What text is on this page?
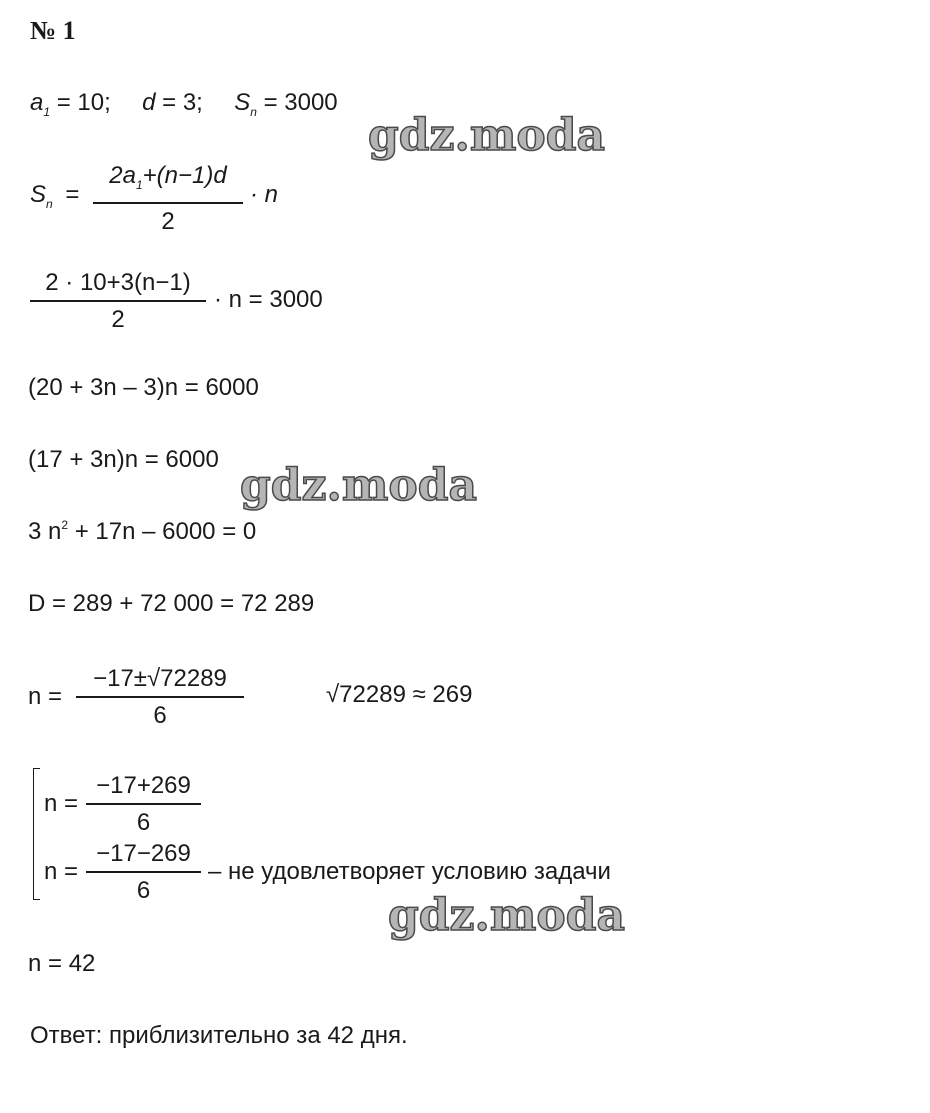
№ 1
$a_1 = 10$; d = 3; $S_n = 3000$
$S_n$ =
$2a_1+(n-1)d$
2
· n
2 · 10+3(n−1)
2
· n = 3000
(20 + 3n – 3)n = 6000
(17 + 3n)n = 6000
3 $n^2 + 17n - 6000 = 0$
D = 289 + 72 000 = 72 289
n =
−17±√72289
6
√72289 ≈ 269
n =
−17+269
6
n =
−17−269
6
– не удовлетворяет условию задачи
n = 42
Ответ: приблизительно за 42 дня.
gdz.moda
gdz.moda
gdz.moda
